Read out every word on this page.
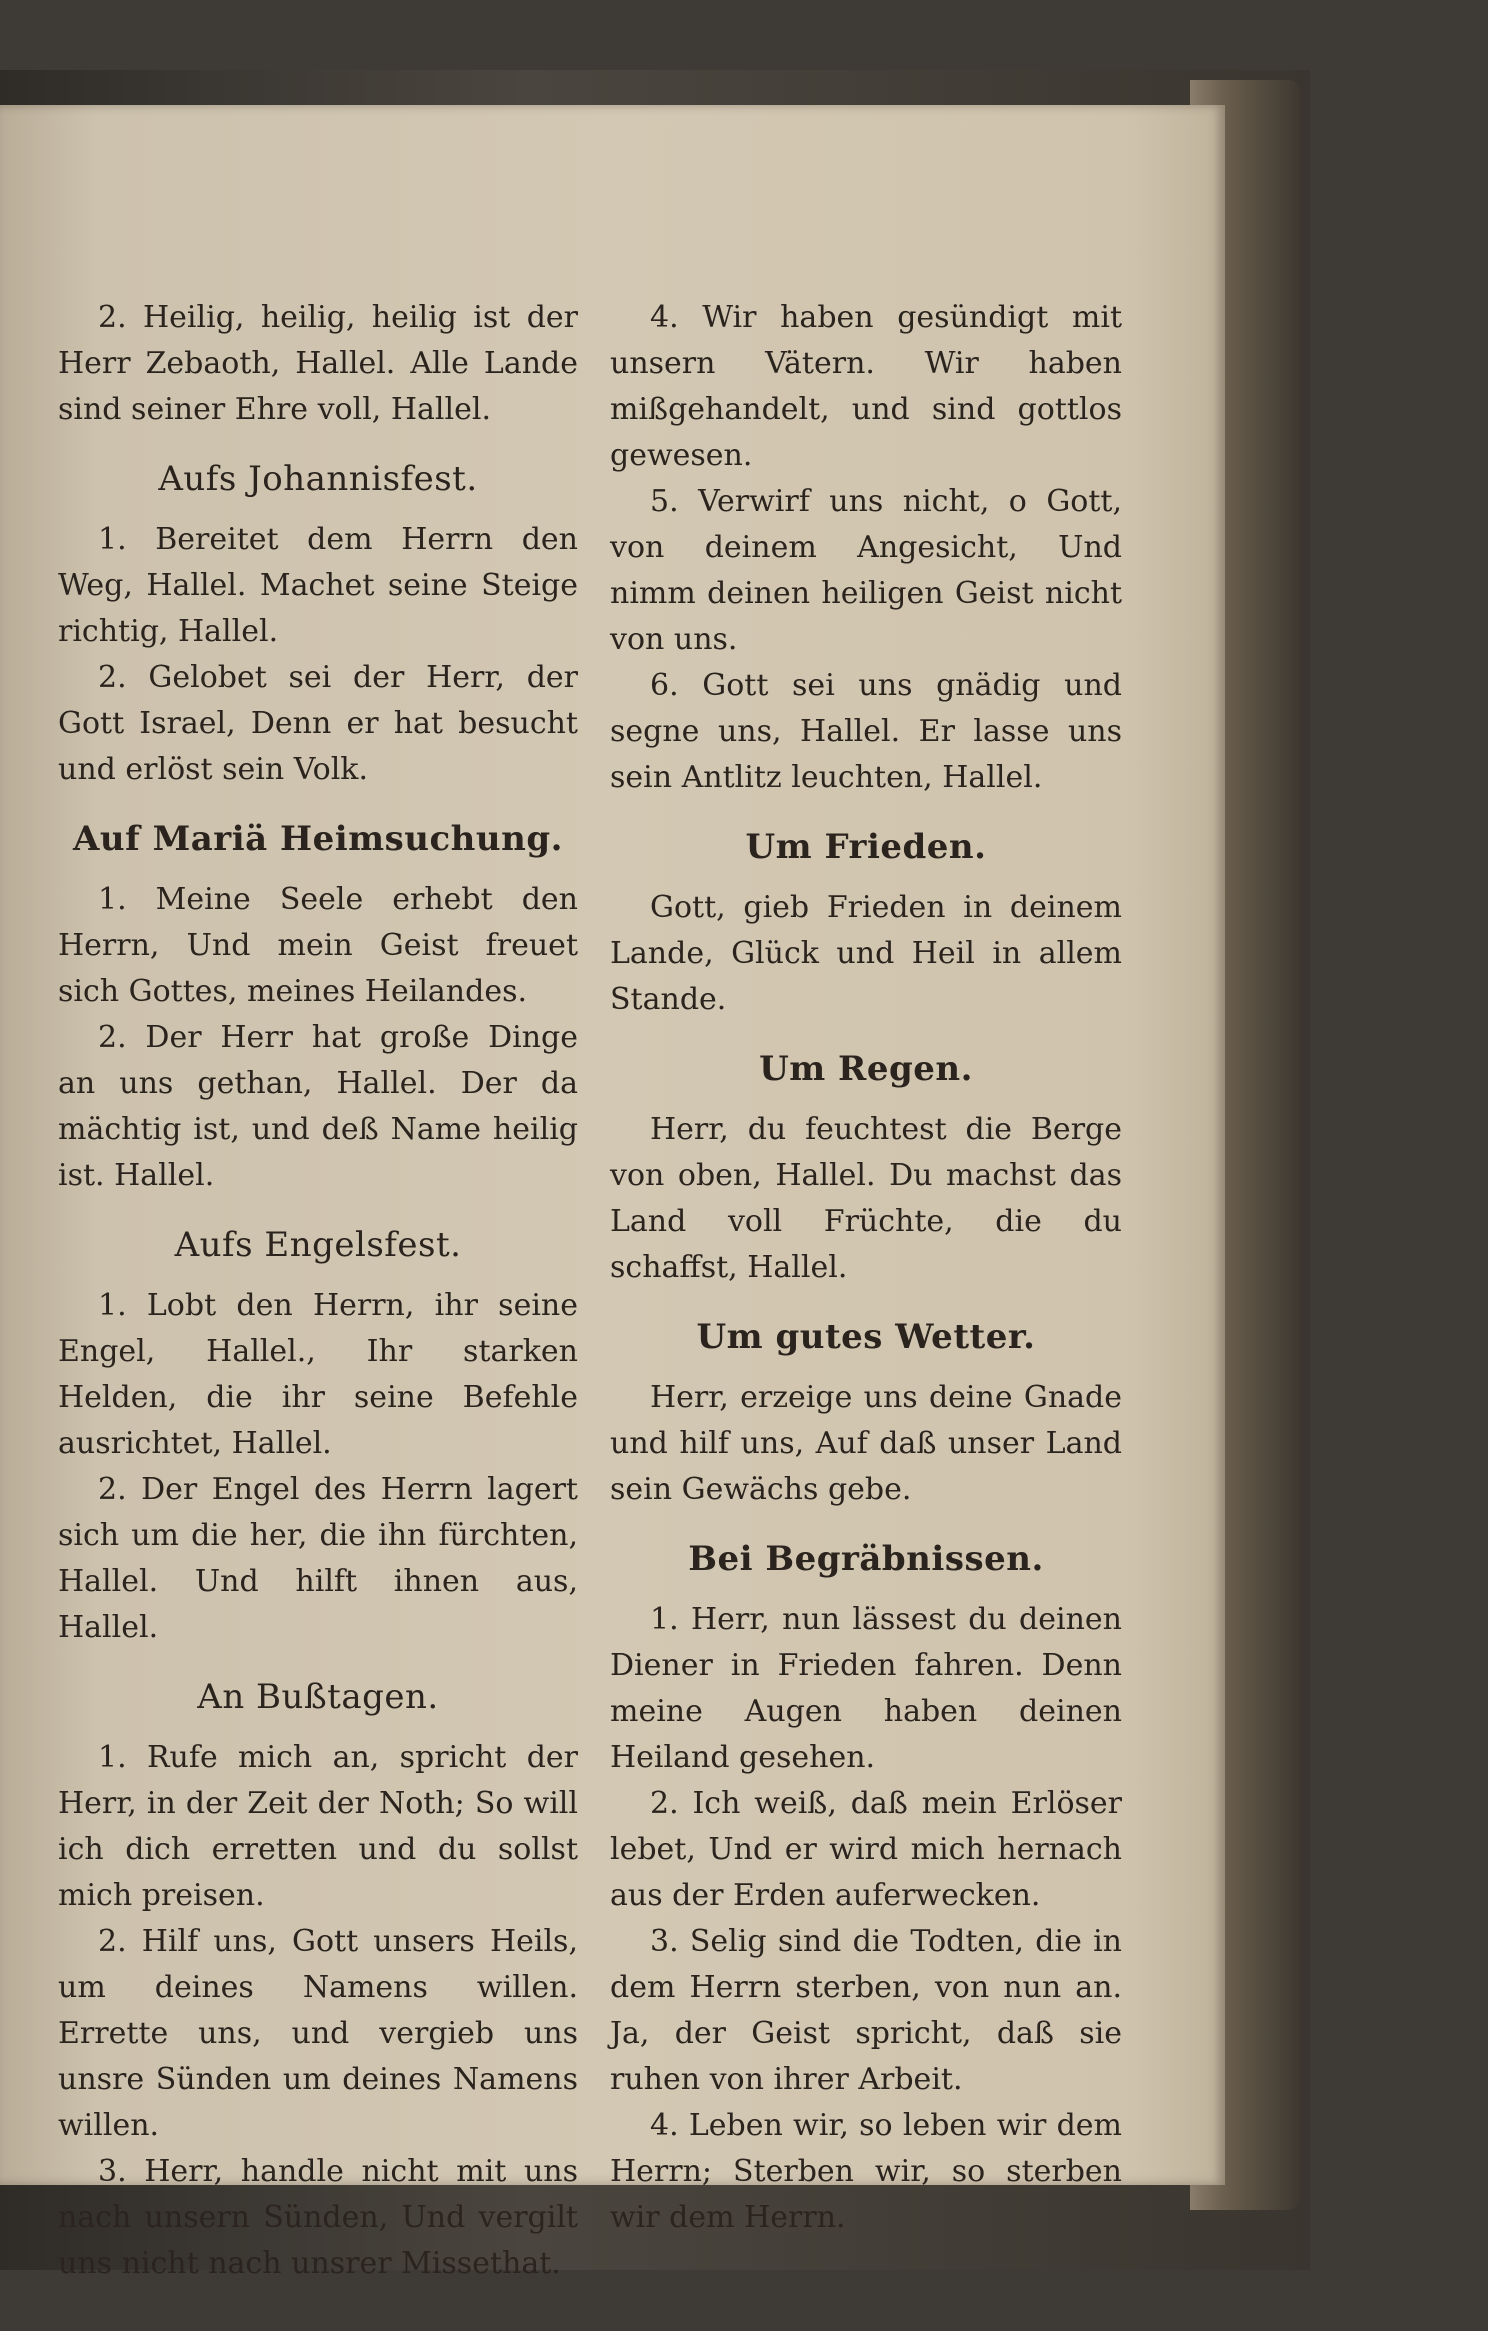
2. Heilig, heilig, heilig ist der Herr Zebaoth, Hallel. Alle Lande sind seiner Ehre voll, Hallel.

Aufs Johannisfest.

1. Bereitet dem Herrn den Weg, Hallel. Machet seine Steige richtig, Hallel.

2. Gelobet sei der Herr, der Gott Israel, Denn er hat besucht und erlöst sein Volk.

Auf Mariä Heimsuchung.

1. Meine Seele erhebt den Herrn, Und mein Geist freuet sich Gottes, meines Heilandes.

2. Der Herr hat große Dinge an uns gethan, Hallel. Der da mächtig ist, und deß Name heilig ist. Hallel.

Aufs Engelsfest.

1. Lobt den Herrn, ihr seine Engel, Hallel., Ihr starken Helden, die ihr seine Befehle ausrichtet, Hallel.

2. Der Engel des Herrn lagert sich um die her, die ihn fürchten, Hallel. Und hilft ihnen aus, Hallel.

An Bußtagen.

1. Rufe mich an, spricht der Herr, in der Zeit der Noth; So will ich dich erretten und du sollst mich preisen.

2. Hilf uns, Gott unsers Heils, um deines Namens willen. Errette uns, und vergieb uns unsre Sünden um deines Namens willen.

3. Herr, handle nicht mit uns nach unsern Sünden, Und vergilt uns nicht nach unsrer Missethat.

4. Wir haben gesündigt mit unsern Vätern. Wir haben mißgehandelt, und sind gottlos gewesen.

5. Verwirf uns nicht, o Gott, von deinem Angesicht, Und nimm deinen heiligen Geist nicht von uns.

6. Gott sei uns gnädig und segne uns, Hallel. Er lasse uns sein Antlitz leuchten, Hallel.

Um Frieden.

Gott, gieb Frieden in deinem Lande, Glück und Heil in allem Stande.

Um Regen.

Herr, du feuchtest die Berge von oben, Hallel. Du machst das Land voll Früchte, die du schaffst, Hallel.

Um gutes Wetter.

Herr, erzeige uns deine Gnade und hilf uns, Auf daß unser Land sein Gewächs gebe.

Bei Begräbnissen.

1. Herr, nun lässest du deinen Diener in Frieden fahren. Denn meine Augen haben deinen Heiland gesehen.

2. Ich weiß, daß mein Erlöser lebet, Und er wird mich hernach aus der Erden auferwecken.

3. Selig sind die Todten, die in dem Herrn sterben, von nun an. Ja, der Geist spricht, daß sie ruhen von ihrer Arbeit.

4. Leben wir, so leben wir dem Herrn; Sterben wir, so sterben wir dem Herrn.
